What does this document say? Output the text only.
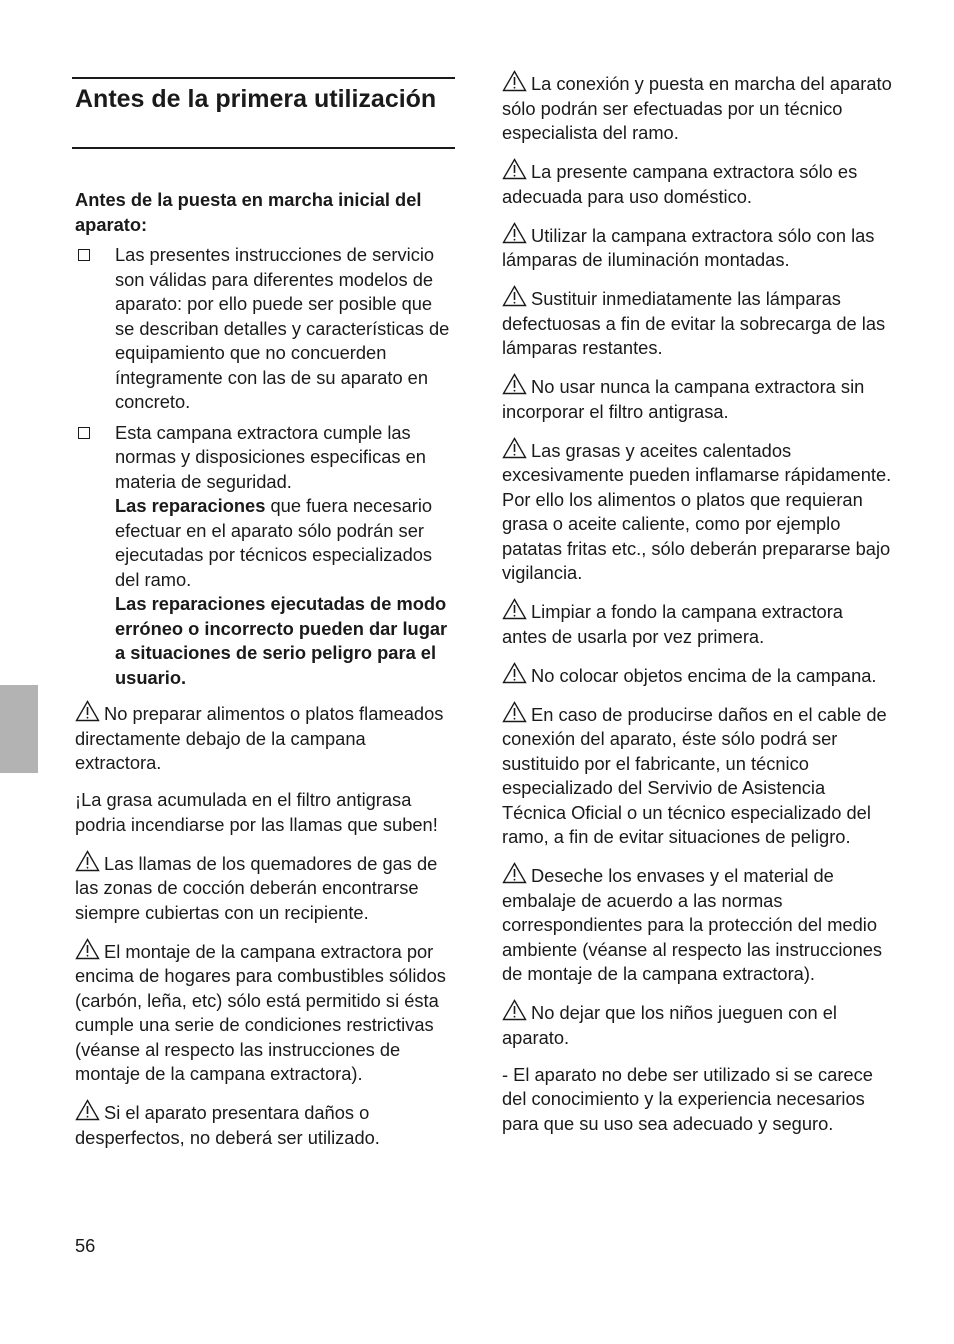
Antes de la primera utilización

Antes de la puesta en marcha inicial del aparato:

Las presentes instrucciones de servicio son válidas para diferentes modelos de aparato: por ello puede ser posible que se describan detalles y características de equipamiento que no concuerden íntegramente con las de su aparato en concreto.
Esta campana extractora cumple las normas y disposiciones especificas en materia de seguridad.
Las reparaciones que fuera necesario efectuar en el aparato sólo podrán ser ejecutadas por técnicos especializados del ramo.
Las reparaciones ejecutadas de modo erróneo o incorrecto pueden dar lugar a situaciones de serio peligro para el usuario.
No preparar alimentos o platos flameados directamente debajo de la campana extractora.
¡La grasa acumulada en el filtro antigrasa podria incendiarse por las llamas que suben!
Las llamas de los quemadores de gas de las zonas de cocción deberán encontrarse siempre cubiertas con un recipiente.
El montaje de la campana extractora por encima de hogares para combustibles sólidos (carbón, leña, etc) sólo está permitido si ésta cumple una serie de condiciones restrictivas (véanse al respecto las instrucciones de montaje de la campana extractora).
Si el aparato presentara daños o desperfectos, no deberá ser utilizado.
La conexión y puesta en marcha del aparato sólo podrán ser efectuadas por un técnico especialista del ramo.
La presente campana extractora sólo es adecuada para uso doméstico.
Utilizar la campana extractora sólo con las lámparas de iluminación montadas.
Sustituir inmediatamente las lámparas defectuosas a fin de evitar la sobrecarga de las lámparas restantes.
No usar nunca la campana extractora sin incorporar el filtro antigrasa.
Las grasas y aceites calentados excesivamente pueden inflamarse rápidamente. Por ello los alimentos o platos que requieran grasa o aceite caliente, como por ejemplo patatas fritas etc., sólo deberán prepararse bajo vigilancia.
Limpiar a fondo la campana extractora antes de usarla por vez primera.
No colocar objetos encima de la campana.
En caso de producirse daños en el cable de conexión del aparato, éste sólo podrá ser sustituido por el fabricante, un técnico especializado del Servivio de Asistencia Técnica Oficial o un técnico especializado del ramo, a fin de evitar situaciones de peligro.
Deseche los envases y el material de embalaje de acuerdo a las normas correspondientes para la protección del medio ambiente (véanse al respecto las instrucciones de montaje de la campana extractora).
No dejar que los niños jueguen con el aparato.
- El aparato no debe ser utilizado si se carece del conocimiento y la experiencia necesarios para que su uso sea adecuado y seguro.
56
